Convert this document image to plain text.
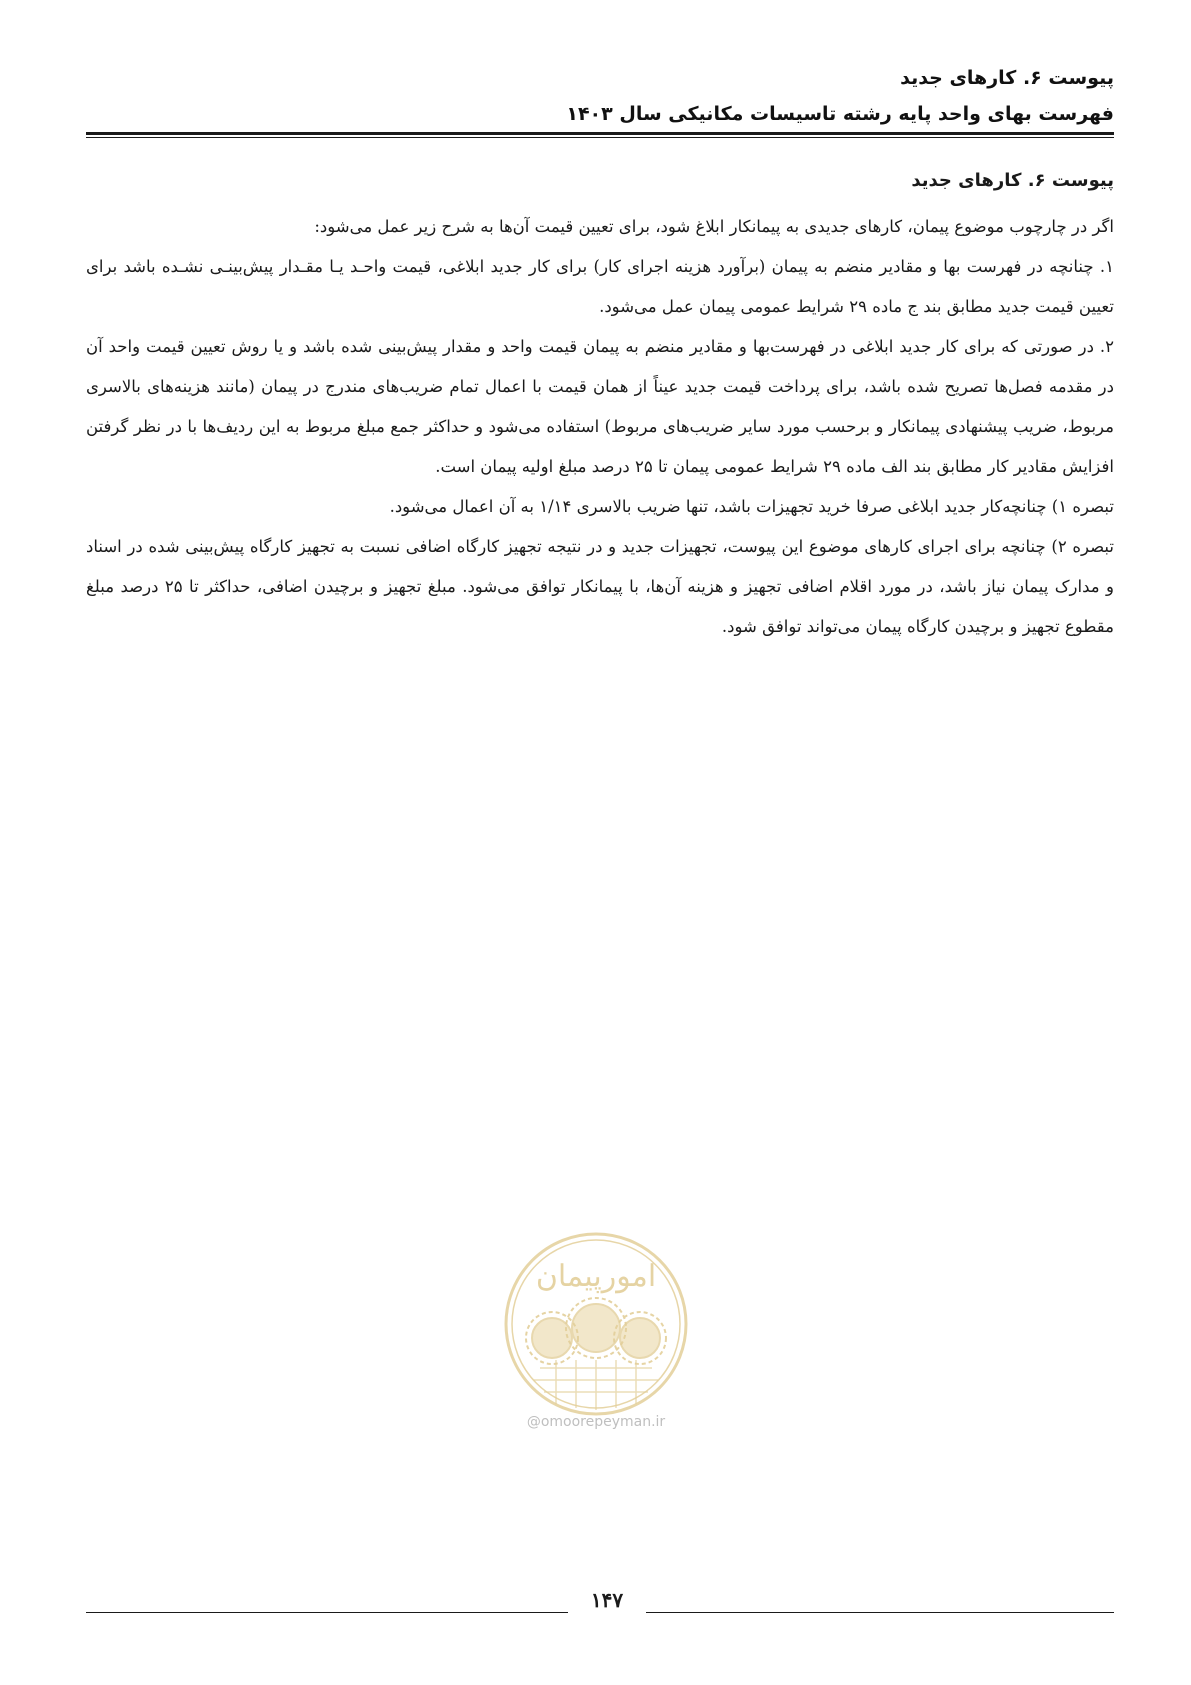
پیوست ۶. کارهای جدید
فهرست بهای واحد پایه رشته تاسیسات مکانیکی سال ۱۴۰۳
پیوست ۶. کارهای جدید

اگر در چارچوب موضوع پیمان، کارهای جدیدی به پیمانکار ابلاغ شود، برای تعیین قیمت آن‌ها به شرح زیر عمل می‌شود:

۱. چنانچه در فهرست بها و مقادیر منضم به پیمان (برآورد هزینه اجرای کار) برای کار جدید ابلاغی، قیمت واحـد یـا مقـدار پیش‌بینـی نشـده باشد برای تعیین قیمت جدید مطابق بند ج ماده ۲۹ شرایط عمومی پیمان عمل می‌شود.

۲. در صورتی که برای کار جدید ابلاغی در فهرست‌بها و مقادیر منضم به پیمان قیمت واحد و مقدار پیش‌بینی شده باشد و یا روش تعیین قیمت واحد آن در مقدمه فصل‌ها تصریح شده باشد، برای پرداخت قیمت جدید عیناً از همان قیمت با اعمال تمام ضریب‌های مندرج در پیمان (مانند هزینه‌های بالاسری مربوط، ضریب پیشنهادی پیمانکار و برحسب مورد سایر ضریب‌های مربوط) استفاده می‌شود و حداکثر جمع مبلغ مربوط به این ردیف‌ها با در نظر گرفتن افزایش مقادیر کار مطابق بند الف ماده ۲۹ شرایط عمومی پیمان تا ۲۵ درصد مبلغ اولیه پیمان است.

تبصره ۱) چنانچه‌کار جدید ابلاغی صرفا خرید تجهیزات باشد، تنها ضریب بالاسری ۱/۱۴ به آن اعمال می‌شود.

تبصره ۲) چنانچه برای اجرای کارهای موضوع این پیوست، تجهیزات جدید و در نتیجه تجهیز کارگاه اضافی نسبت به تجهیز کارگاه پیش‌بینی شده در اسناد و مدارک پیمان نیاز باشد، در مورد اقلام اضافی تجهیز و هزینه آن‌ها، با پیمانکار توافق می‌شود. مبلغ تجهیز و برچیدن اضافی، حداکثر تا ۲۵ درصد مبلغ مقطوع تجهیز و برچیدن کارگاه پیمان می‌تواند توافق شود.

امورپیمان
@omoorepeyman.ir
۱۴۷
